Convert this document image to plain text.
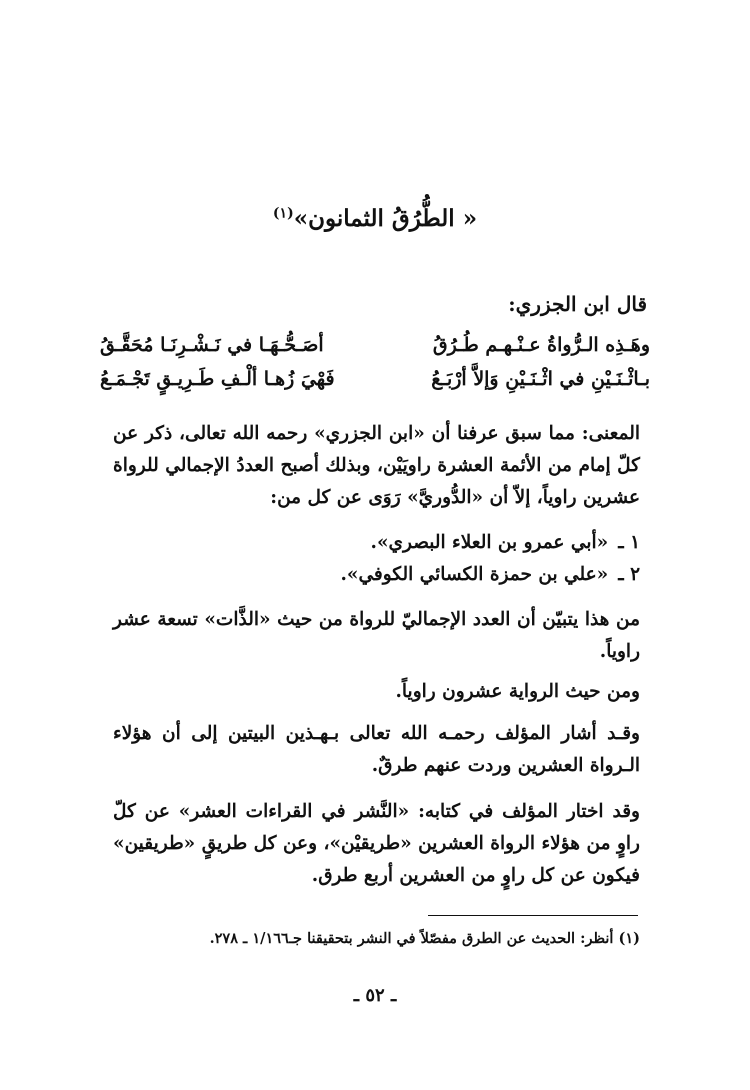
« الطُّرُقُ الثمانون»$^{(١)}$
قال ابن الجزري:
وهَـذِه الـرُّواةُ عـنْـهـم طُـرُقُ
أصَـحُّـهَـا في نَـشْـرِنَـا مُحَقَّـقُ
بـاثْـنَـيْنِ في اثْـنَـيْنِ وَإلاَّ أرْبَـعُ
فَهْيَ زُهـا ألْـفِ طَـرِيـقٍ تَجْـمَـعُ
المعنى: مما سبق عرفنا أن «ابن الجزري» رحمه الله تعالى، ذكر عن كلّ إمام من الأئمة العشرة راويَيْن، وبذلك أصبح العددُ الإجمالي للرواة عشرين راوياً، إلاّ أن «الدُّوريَّ» رَوَى عن كل من:
١ ـ«أبي عمرو بن العلاء البصري».
٢ ـ«علي بن حمزة الكسائي الكوفي».
من هذا يتبيّن أن العدد الإجماليّ للرواة من حيث «الذَّات» تسعة عشر راوياً.
ومن حيث الرواية عشرون راوياً.
وقـد أشار المؤلف رحمـه الله تعالى بـهـذين البيتين إلى أن هؤلاء الـرواة العشرين وردت عنهم طرقٌ.
وقد اختار المؤلف في كتابه: «النَّشر في القراءات العشر» عن كلّ راوٍ من هؤلاء الرواة العشرين «طريقيْن»، وعن كل طريقٍ «طريقين» فيكون عن كل راوٍ من العشرين أربع طرق.
(١) أنظر: الحديث عن الطرق مفصّلاً في النشر بتحقيقنا جـ١/١٦٦ ـ ٢٧٨.
ـ ٥٢ ـ
